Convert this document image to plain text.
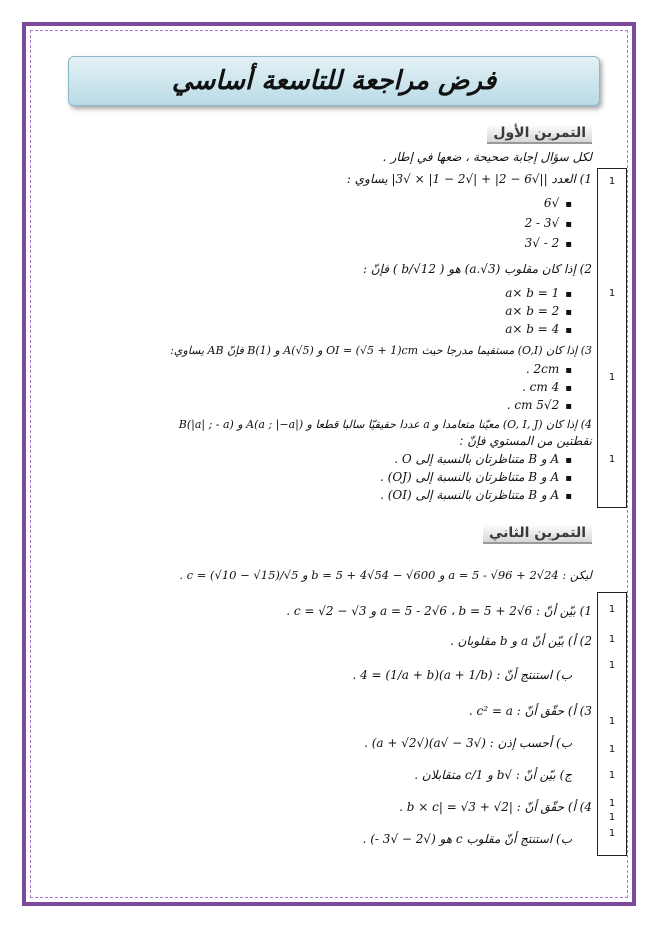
فرض مراجعة للتاسعة أساسي
التمرين الأول
لكل سؤال إجابة صحيحة ، ضعها في إطار .
1) العدد ||√6 − 2| + |√2 − 1| × √3| يساوي :
▪ √6
▪ √3 - 2
▪ 2 - √3
2) إذا كان مقلوب (a.√3) هو ( b/√12 ) فإنّ :
▪ a× b = 1
▪ a× b = 2
▪ a× b = 4
3) إذا كان (O,I) مستقيما مدرجا حيث OI = (√5 + 1)cm و A(√5) و B(1) فإنّ AB يساوي:
▪ 2cm .
▪ 4 cm .
▪ 2√5 cm .
4) إذا كان (O, I, J) معيّنا متعامدا و a عددا حقيقيّا سالبا قطعا و A(a ; |−a|) و B(|a| ; - a)
نقطتين من المستوي فإنّ :
▪ A و B متناظرتان بالنسبة إلى O .
▪ A و B متناظرتان بالنسبة إلى (OJ) .
▪ A و B متناظرتان بالنسبة إلى (OI) .
1
1
1
1
التمرين الثاني
ليكن : a = 5 - √96 + 2√24 و b = 5 + 4√54 − √600 و c = (√10 − √15)/√5 .
1) بيّن أنّ : a = 5 - 2√6 ، b = 5 + 2√6 و c = √2 − √3 .
2) أ) بيّن أنّ a و b مقلوبان .
ب) استنتج أنّ : (a + 1/b)(1/a + b) = 4 .
3) أ) حقّق أنّ : c² = a .
ب) أحسب إذن : (√3 − √a)(√a + √2) .
ج) بيّن أنّ : √b و 1/c متقابلان .
4) أ) حقّق أنّ : |b × c| = √3 + √2 .
ب) استنتج أنّ مقلوب c هو (√2 − √3 -) .
1
1
1
1
1
1
1
1
1
